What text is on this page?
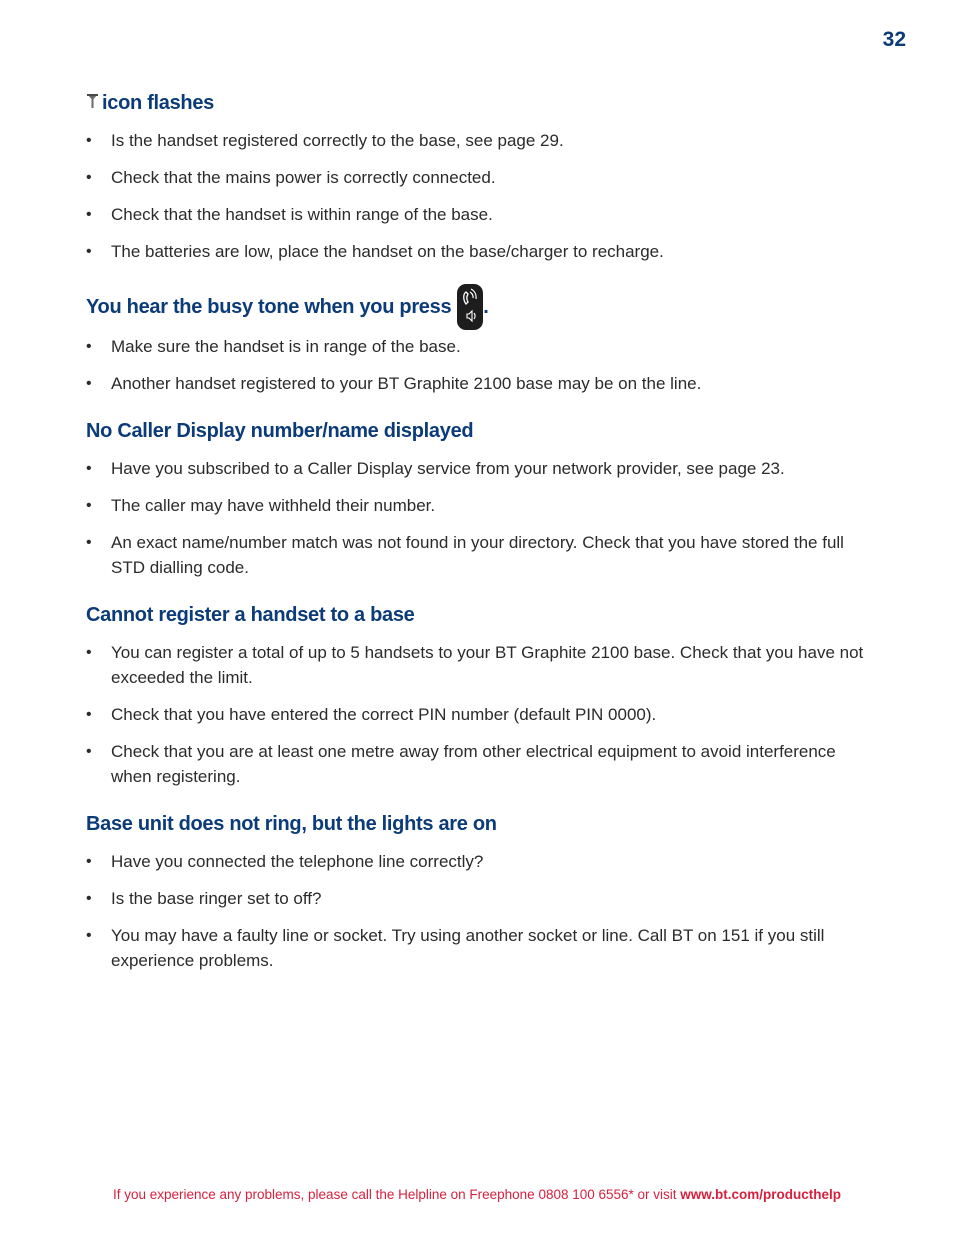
32
icon flashes
• Is the handset registered correctly to the base, see page 29.
• Check that the mains power is correctly connected.
• Check that the handset is within range of the base.
• The batteries are low, place the handset on the base/charger to recharge.
You hear the busy tone when you press .
• Make sure the handset is in range of the base.
• Another handset registered to your BT Graphite 2100 base may be on the line.
No Caller Display number/name displayed
• Have you subscribed to a Caller Display service from your network provider, see page 23.
• The caller may have withheld their number.
• An exact name/number match was not found in your directory. Check that you have stored the full STD dialling code.
Cannot register a handset to a base
• You can register a total of up to 5 handsets to your BT Graphite 2100 base. Check that you have not exceeded the limit.
• Check that you have entered the correct PIN number (default PIN 0000).
• Check that you are at least one metre away from other electrical equipment to avoid interference when registering.
Base unit does not ring, but the lights are on
• Have you connected the telephone line correctly?
• Is the base ringer set to off?
• You may have a faulty line or socket. Try using another socket or line. Call BT on 151 if you still experience problems.
If you experience any problems, please call the Helpline on Freephone 0808 100 6556* or visit www.bt.com/producthelp
